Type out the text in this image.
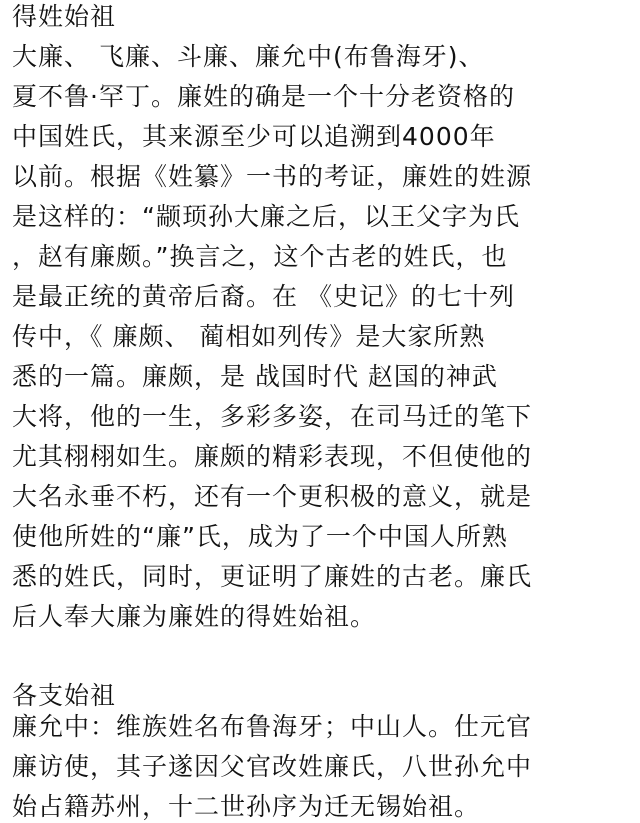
得姓始祖
大廉、 飞廉、斗廉、廉允中(布鲁海牙)、
夏不鲁·罕丁。廉姓的确是一个十分老资格的
中国姓氏，其来源至少可以追溯到4000年
以前。根据《姓纂》一书的考证，廉姓的姓源
是这样的：“颛顼孙大廉之后，以王父字为氏
，赵有廉颇。”换言之，这个古老的姓氏，也
是最正统的黄帝后裔。在 《史记》的七十列
传中，《 廉颇、 蔺相如列传》是大家所熟
悉的一篇。廉颇，是 战国时代 赵国的神武
大将，他的一生，多彩多姿，在司马迁的笔下
尤其栩栩如生。廉颇的精彩表现，不但使他的
大名永垂不朽，还有一个更积极的意义，就是
使他所姓的“廉”氏，成为了一个中国人所熟
悉的姓氏，同时，更证明了廉姓的古老。廉氏
后人奉大廉为廉姓的得姓始祖。
各支始祖
廉允中：维族姓名布鲁海牙；中山人。仕元官
廉访使，其子遂因父官改姓廉氏，八世孙允中
始占籍苏州，十二世孙序为迁无锡始祖。
